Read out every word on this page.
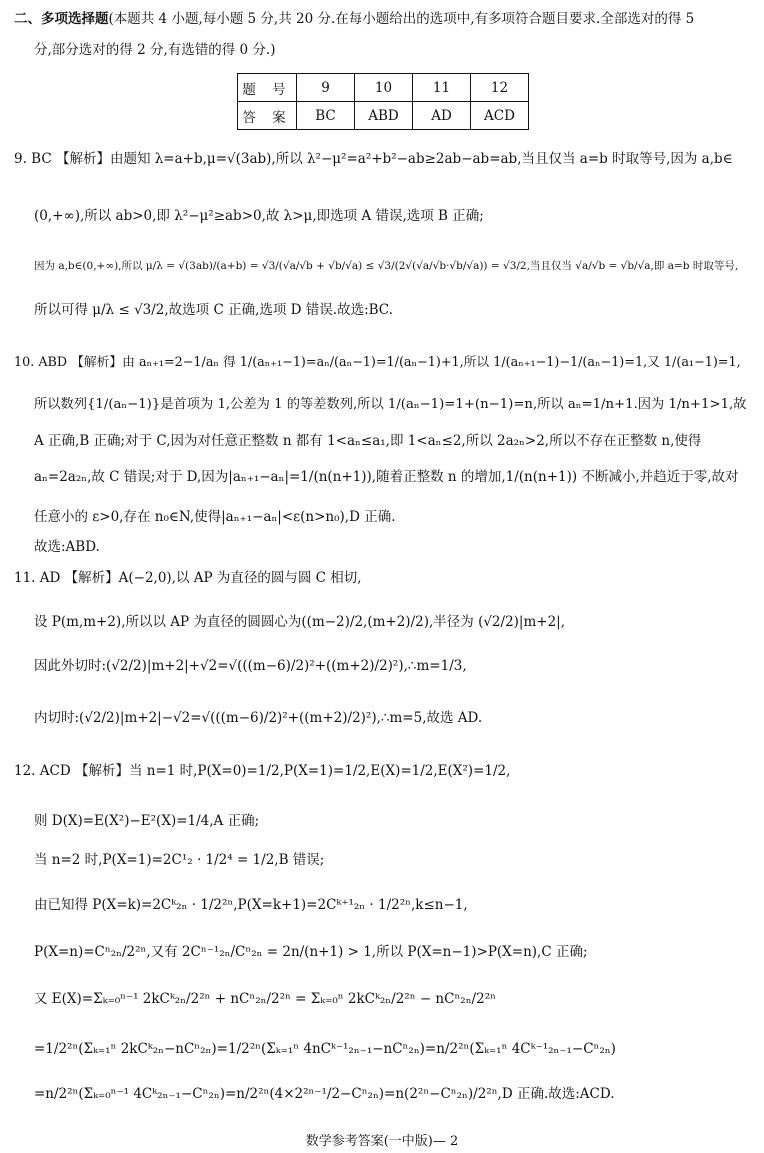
二、多项选择题(本题共 4 小题,每小题 5 分,共 20 分.在每小题给出的选项中,有多项符合题目要求.全部选对的得 5
分,部分选对的得 2 分,有选错的得 0 分.)
题 号	9	10	11	12
答 案	BC	ABD	AD	ACD
9. BC 【解析】由题知 λ=a+b,μ=√(3ab),所以 λ²−μ²=a²+b²−ab≥2ab−ab=ab,当且仅当 a=b 时取等号,因为 a,b∈
(0,+∞),所以 ab>0,即 λ²−μ²≥ab>0,故 λ>μ,即选项 A 错误,选项 B 正确;
因为 a,b∈(0,+∞),所以 μ/λ = √(3ab)/(a+b) = √3/(√a/√b + √b/√a) ≤ √3/(2√(√a/√b·√b/√a)) = √3/2,当且仅当 √a/√b = √b/√a,即 a=b 时取等号,
所以可得 μ/λ ≤ √3/2,故选项 C 正确,选项 D 错误.故选:BC.
10. ABD 【解析】由 aₙ₊₁=2−1/aₙ 得 1/(aₙ₊₁−1)=aₙ/(aₙ−1)=1/(aₙ−1)+1,所以 1/(aₙ₊₁−1)−1/(aₙ−1)=1,又 1/(a₁−1)=1,
所以数列{1/(aₙ−1)}是首项为 1,公差为 1 的等差数列,所以 1/(aₙ−1)=1+(n−1)=n,所以 aₙ=1/n+1.因为 1/n+1>1,故
A 正确,B 正确;对于 C,因为对任意正整数 n 都有 1<aₙ≤a₁,即 1<aₙ≤2,所以 2a₂ₙ>2,所以不存在正整数 n,使得
aₙ=2a₂ₙ,故 C 错误;对于 D,因为|aₙ₊₁−aₙ|=1/(n(n+1)),随着正整数 n 的增加,1/(n(n+1)) 不断减小,并趋近于零,故对
任意小的 ε>0,存在 n₀∈N,使得|aₙ₊₁−aₙ|<ε(n>n₀),D 正确.
故选:ABD.
11. AD 【解析】A(−2,0),以 AP 为直径的圆与圆 C 相切,
设 P(m,m+2),所以以 AP 为直径的圆圆心为((m−2)/2,(m+2)/2),半径为 (√2/2)|m+2|,
因此外切时:(√2/2)|m+2|+√2=√(((m−6)/2)²+((m+2)/2)²),∴m=1/3,
内切时:(√2/2)|m+2|−√2=√(((m−6)/2)²+((m+2)/2)²),∴m=5,故选 AD.
12. ACD 【解析】当 n=1 时,P(X=0)=1/2,P(X=1)=1/2,E(X)=1/2,E(X²)=1/2,
则 D(X)=E(X²)−E²(X)=1/4,A 正确;
当 n=2 时,P(X=1)=2C¹₂ · 1/2⁴ = 1/2,B 错误;
由已知得 P(X=k)=2Cᵏ₂ₙ · 1/2²ⁿ,P(X=k+1)=2Cᵏ⁺¹₂ₙ · 1/2²ⁿ,k≤n−1,
P(X=n)=Cⁿ₂ₙ/2²ⁿ,又有 2Cⁿ⁻¹₂ₙ/Cⁿ₂ₙ = 2n/(n+1) > 1,所以 P(X=n−1)>P(X=n),C 正确;
又 E(X)=Σₖ₌₀ⁿ⁻¹ 2kCᵏ₂ₙ/2²ⁿ + nCⁿ₂ₙ/2²ⁿ = Σₖ₌₀ⁿ 2kCᵏ₂ₙ/2²ⁿ − nCⁿ₂ₙ/2²ⁿ
=1/2²ⁿ(Σₖ₌₁ⁿ 2kCᵏ₂ₙ−nCⁿ₂ₙ)=1/2²ⁿ(Σₖ₌₁ⁿ 4nCᵏ⁻¹₂ₙ₋₁−nCⁿ₂ₙ)=n/2²ⁿ(Σₖ₌₁ⁿ 4Cᵏ⁻¹₂ₙ₋₁−Cⁿ₂ₙ)
=n/2²ⁿ(Σₖ₌₀ⁿ⁻¹ 4Cᵏ₂ₙ₋₁−Cⁿ₂ₙ)=n/2²ⁿ(4×2²ⁿ⁻¹/2−Cⁿ₂ₙ)=n(2²ⁿ−Cⁿ₂ₙ)/2²ⁿ,D 正确.故选:ACD.
数学参考答案(一中版)— 2
